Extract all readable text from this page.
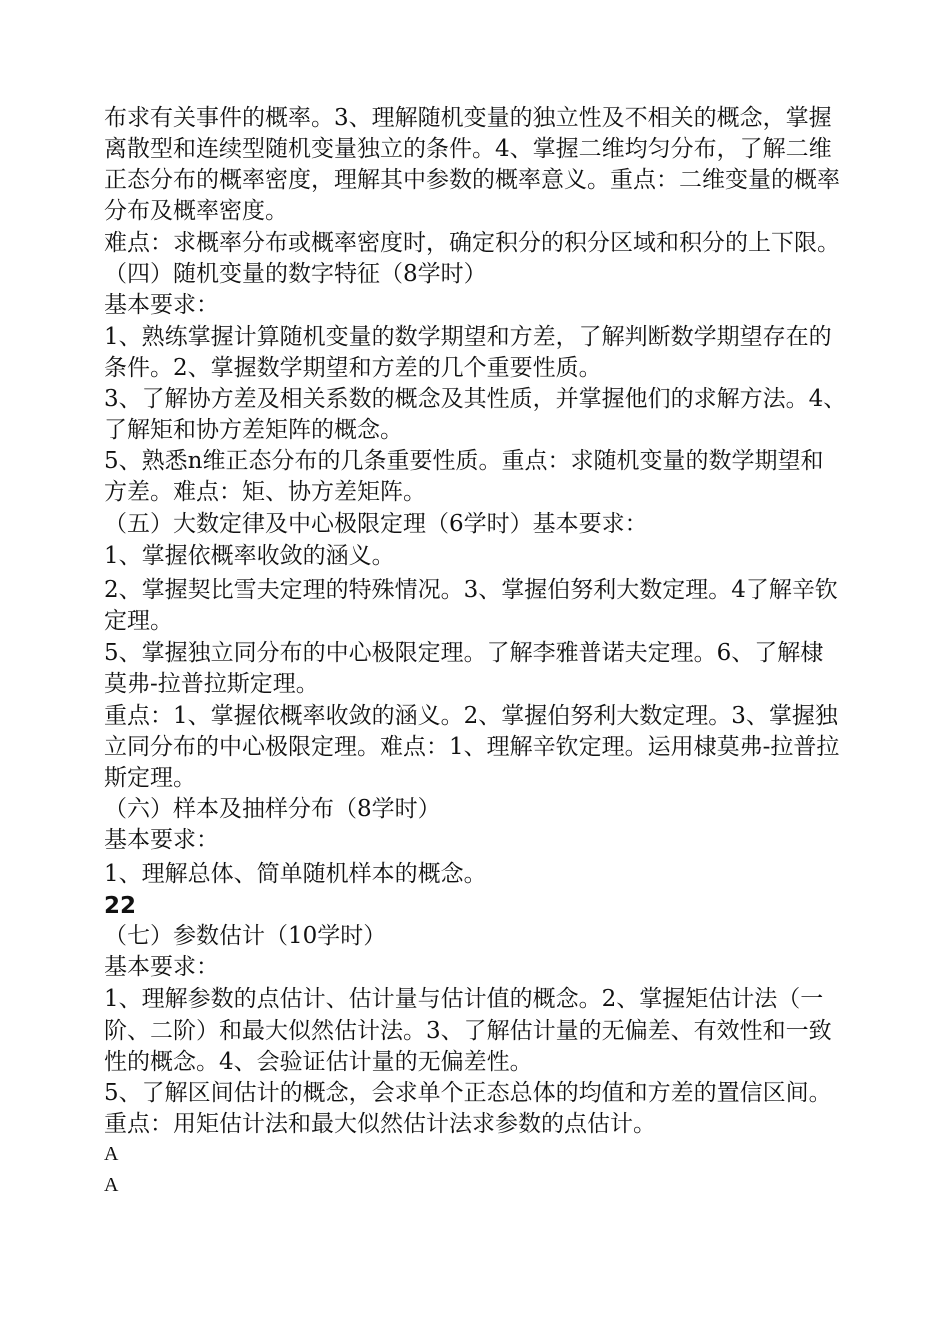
布求有关事件的概率。3、理解随机变量的独立性及不相关的概念，掌握
离散型和连续型随机变量独立的条件。4、掌握二维均匀分布，了解二维
正态分布的概率密度，理解其中参数的概率意义。重点：二维变量的概率
分布及概率密度。
难点：求概率分布或概率密度时，确定积分的积分区域和积分的上下限。
（四）随机变量的数字特征（8学时）
基本要求：
1、熟练掌握计算随机变量的数学期望和方差，了解判断数学期望存在的
条件。2、掌握数学期望和方差的几个重要性质。
3、了解协方差及相关系数的概念及其性质，并掌握他们的求解方法。4、
了解矩和协方差矩阵的概念。
5、熟悉n维正态分布的几条重要性质。重点：求随机变量的数学期望和
方差。难点：矩、协方差矩阵。
（五）大数定律及中心极限定理（6学时）基本要求：
1、掌握依概率收敛的涵义。
2、掌握契比雪夫定理的特殊情况。3、掌握伯努利大数定理。4了解辛钦
定理。
5、掌握独立同分布的中心极限定理。了解李雅普诺夫定理。6、了解棣
莫弗-拉普拉斯定理。
重点：1、掌握依概率收敛的涵义。2、掌握伯努利大数定理。3、掌握独
立同分布的中心极限定理。难点：1、理解辛钦定理。运用棣莫弗-拉普拉
斯定理。
（六）样本及抽样分布（8学时）
基本要求：
1、理解总体、简单随机样本的概念。
22
（七）参数估计（10学时）
基本要求：
1、理解参数的点估计、估计量与估计值的概念。2、掌握矩估计法（一
阶、二阶）和最大似然估计法。3、了解估计量的无偏差、有效性和一致
性的概念。4、会验证估计量的无偏差性。
5、了解区间估计的概念，会求单个正态总体的均值和方差的置信区间。
重点：用矩估计法和最大似然估计法求参数的点估计。
A
A
